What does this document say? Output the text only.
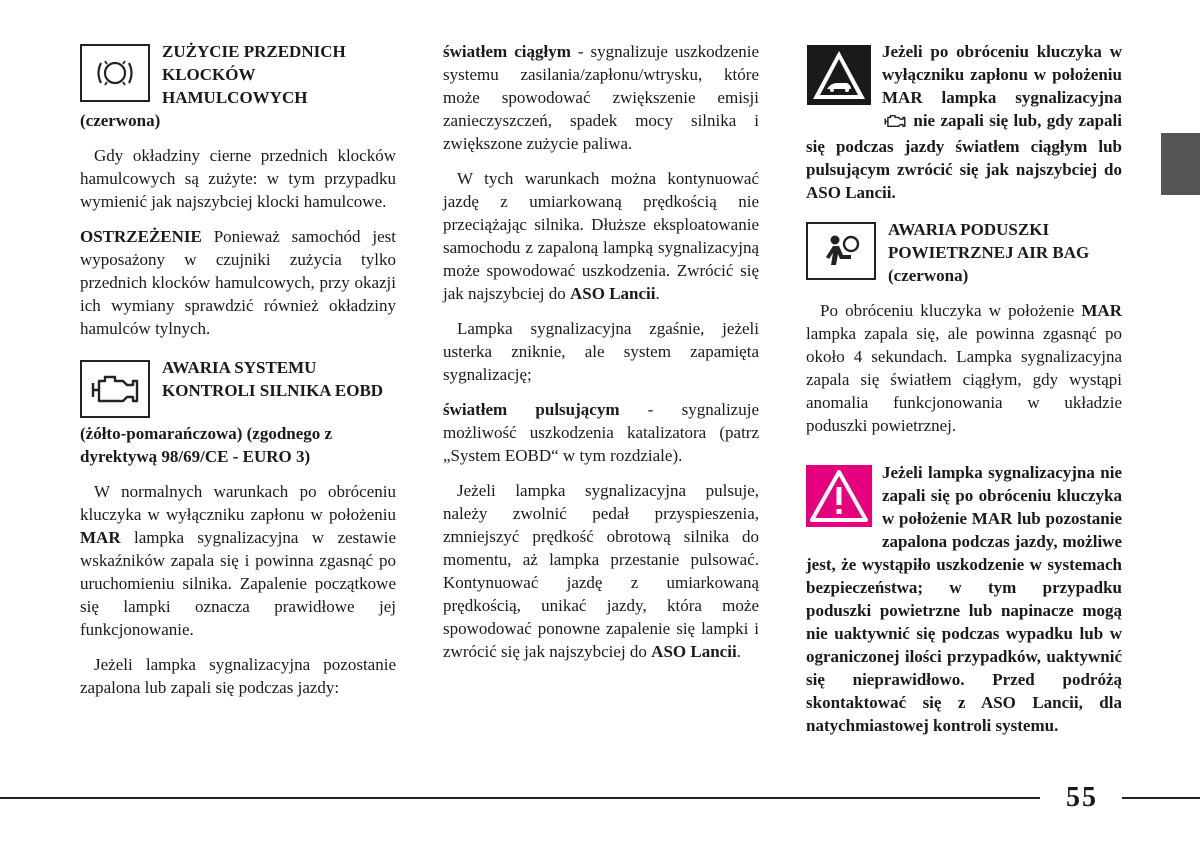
ZUŻYCIE PRZEDNICH KLOCKÓW HAMULCOWYCH
(czerwona)

Gdy okładziny cierne przednich klocków hamulcowych są zużyte: w tym przypadku wymienić jak najszybciej klocki hamulcowe.

OSTRZEŻENIE Ponieważ samochód jest wyposażony w czujniki zużycia tylko przednich klocków hamulcowych, przy okazji ich wymiany sprawdzić również okładziny hamulców tylnych.

AWARIA SYSTEMU KONTROLI SILNIKA EOBD
(żółto-pomarańczowa) (zgodnego z dyrektywą 98/69/CE - EURO 3)

W normalnych warunkach po obróceniu kluczyka w wyłączniku zapłonu w położeniu MAR lampka sygnalizacyjna w zestawie wskaźników zapala się i powinna zgasnąć po uruchomieniu silnika. Zapalenie początkowe się lampki oznacza prawidłowe jej funkcjonowanie.

Jeżeli lampka sygnalizacyjna pozostanie zapalona lub zapali się podczas jazdy:

światłem ciągłym - sygnalizuje uszkodzenie systemu zasilania/zapłonu/wtrysku, które może spowodować zwiększenie emisji zanieczyszczeń, spadek mocy silnika i zwiększone zużycie paliwa.

W tych warunkach można kontynuować jazdę z umiarkowaną prędkością nie przeciążając silnika. Dłuższe eksploatowanie samochodu z zapaloną lampką sygnalizacyjną może spowodować uszkodzenia. Zwrócić się jak najszybciej do ASO Lancii.

Lampka sygnalizacyjna zgaśnie, jeżeli usterka zniknie, ale system zapamięta sygnalizację;

światłem pulsującym - sygnalizuje możliwość uszkodzenia katalizatora (patrz „System EOBD“ w tym rozdziale).

Jeżeli lampka sygnalizacyjna pulsuje, należy zwolnić pedał przyspieszenia, zmniejszyć prędkość obrotową silnika do momentu, aż lampka przestanie pulsować. Kontynuować jazdę z umiarkowaną prędkością, unikać jazdy, która może spowodować ponowne zapalenie się lampki i zwrócić się jak najszybciej do ASO Lancii.

Jeżeli po obróceniu kluczyka w wyłączniku zapłonu w położeniu MAR lampka sygnalizacyjna  nie zapali się lub, gdy zapali się podczas jazdy światłem ciągłym lub pulsującym zwrócić się jak najszybciej do ASO Lancii.
AWARIA PODUSZKI POWIETRZNEJ AIR BAG (czerwona)

Po obróceniu kluczyka w położenie MAR lampka zapala się, ale powinna zgasnąć po około 4 sekundach. Lampka sygnalizacyjna zapala się światłem ciągłym, gdy wystąpi anomalia funkcjonowania w układzie poduszki powietrznej.

Jeżeli lampka sygnalizacyjna nie zapali się po obróceniu kluczyka w położenie MAR lub pozostanie zapalona podczas jazdy, możliwe jest, że wystąpiło uszkodzenie w systemach bezpieczeństwa; w tym przypadku poduszki powietrzne lub napinacze mogą nie uaktywnić się podczas wypadku lub w ograniczonej ilości przypadków, uaktywnić się nieprawidłowo. Przed podróżą skontaktować się z ASO Lancii, dla natychmiastowej kontroli systemu.
55
